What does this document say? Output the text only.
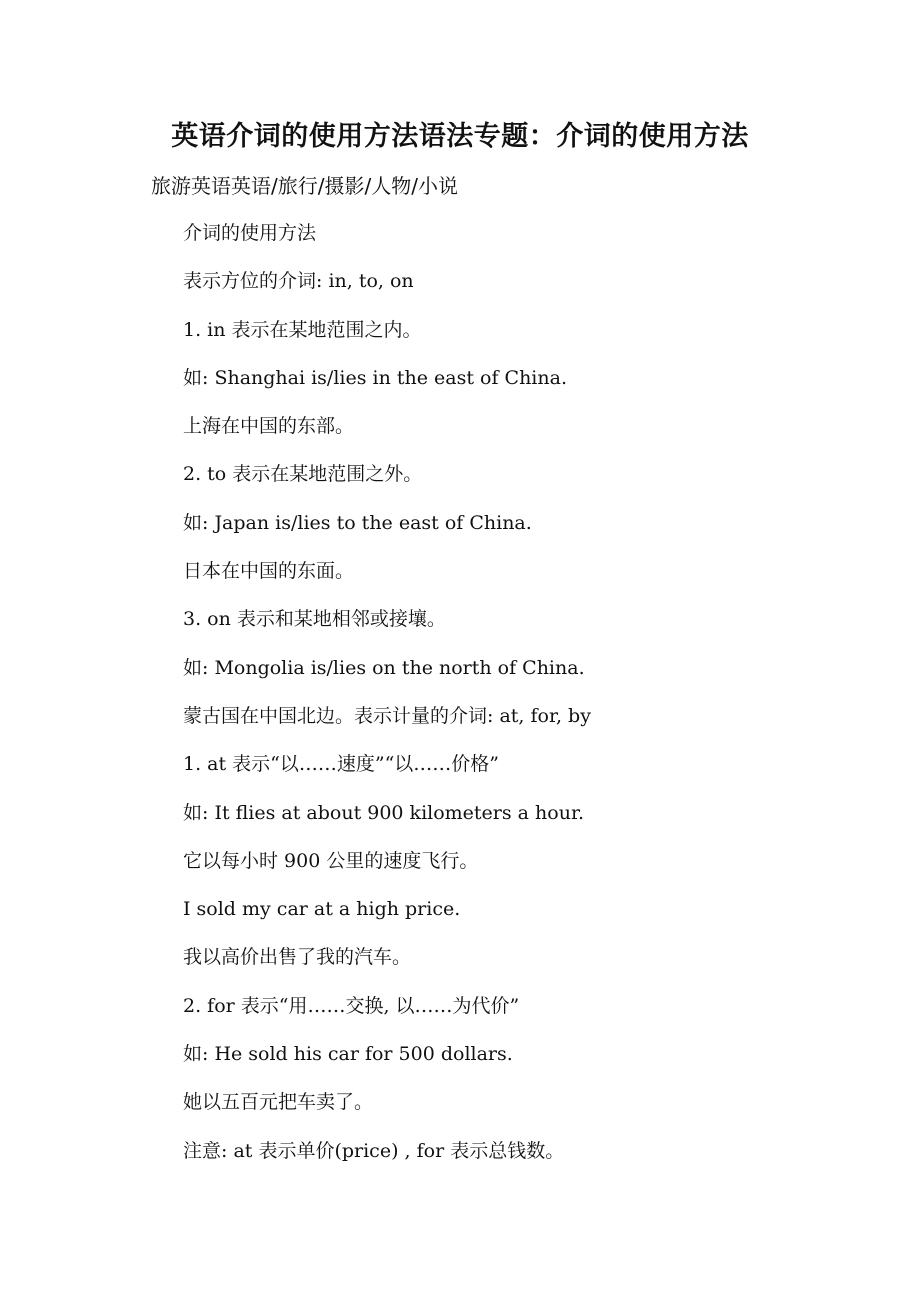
英语介词的使用方法语法专题：介词的使用方法

旅游英语英语/旅行/摄影/人物/小说

介词的使用方法

表示方位的介词: in, to, on

1. in 表示在某地范围之内。

如: Shanghai is/lies in the east of China.

上海在中国的东部。

2. to 表示在某地范围之外。

如: Japan is/lies to the east of China.

日本在中国的东面。

3. on 表示和某地相邻或接壤。

如: Mongolia is/lies on the north of China.

蒙古国在中国北边。表示计量的介词: at, for, by

1. at 表示“以……速度”“以……价格”

如: It flies at about 900 kilometers a hour.

它以每小时 900 公里的速度飞行。

I sold my car at a high price.

我以高价出售了我的汽车。

2. for 表示“用……交换, 以……为代价”

如: He sold his car for 500 dollars.

她以五百元把车卖了。

注意: at 表示单价(price) , for 表示总钱数。
